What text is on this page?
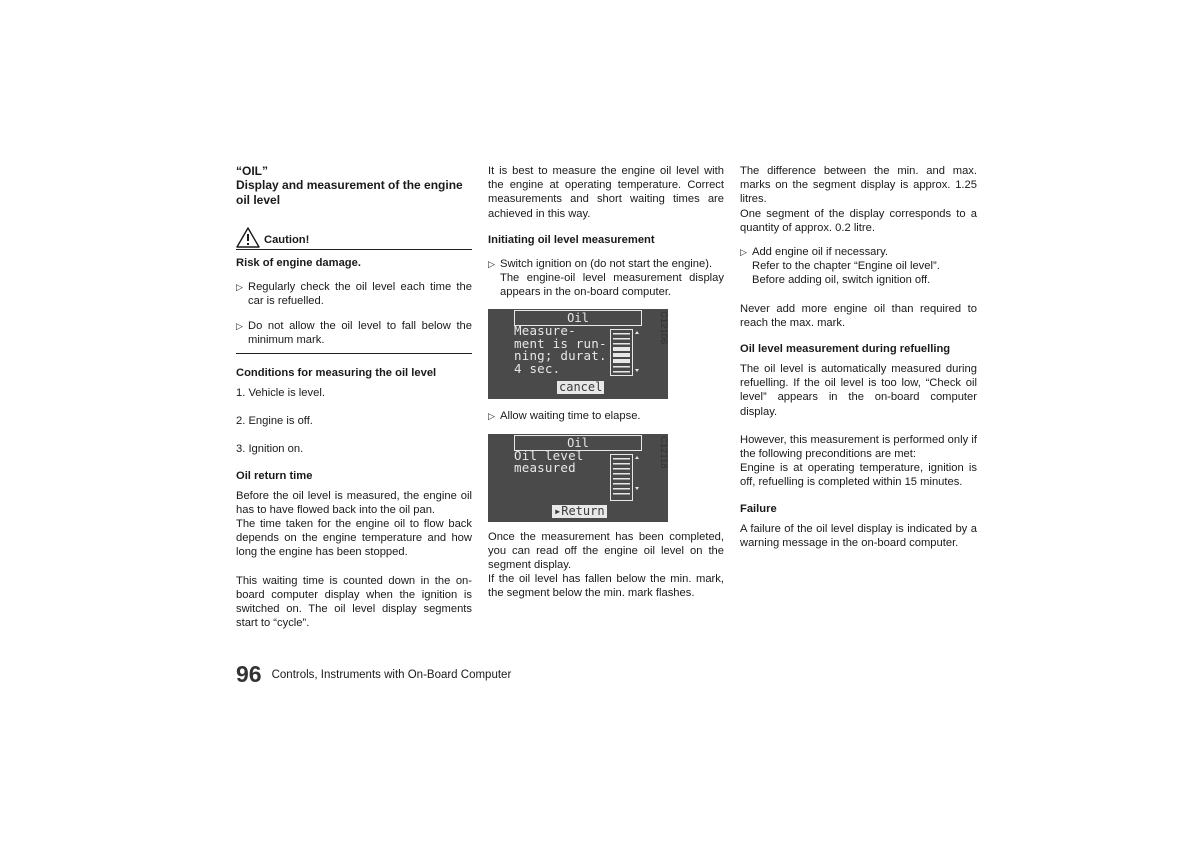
“OIL”

Display and measurement of the engine oil level

Caution!

Risk of engine damage.

▷ Regularly check the oil level each time the car is refuelled.
▷ Do not allow the oil level to fall below the minimum mark.

Conditions for measuring the oil level

1. Vehicle is level.

2. Engine is off.

3. Ignition on.

Oil return time

Before the oil level is measured, the engine oil has to have flowed back into the oil pan.

The time taken for the engine oil to flow back depends on the engine temperature and how long the engine has been stopped.

This waiting time is counted down in the on-board computer display when the ignition is switched on. The oil level display segments start to “cycle”.

It is best to measure the engine oil level with the engine at operating temperature. Correct measurements and short waiting times are achieved in this way.

Initiating oil level measurement

▷ Switch ignition on (do not start the engine).

The engine-oil level measurement display appears in the on-board computer.

Oil
Measure-
ment is run-
ning; durat.
4 sec.
cancel
C12106
▷ Allow waiting time to elapse.
Oil
Oil level
measured
▸Return
C12118

Once the measurement has been completed, you can read off the engine oil level on the segment display.

If the oil level has fallen below the min. mark, the segment below the min. mark flashes.

The difference between the min. and max. marks on the segment display is approx. 1.25 litres.

One segment of the display corresponds to a quantity of approx. 0.2 litre.

▷ Add engine oil if necessary.
Refer to the chapter “Engine oil level”.
Before adding oil, switch ignition off.

Never add more engine oil than required to reach the max. mark.

Oil level measurement during refuelling

The oil level is automatically measured during refuelling. If the oil level is too low, “Check oil level” appears in the on-board computer display.

However, this measurement is performed only if the following preconditions are met:

Engine is at operating temperature, ignition is off, refuelling is completed within 15 minutes.

Failure

A failure of the oil level display is indicated by a warning message in the on-board computer.

96 Controls, Instruments with On-Board Computer
